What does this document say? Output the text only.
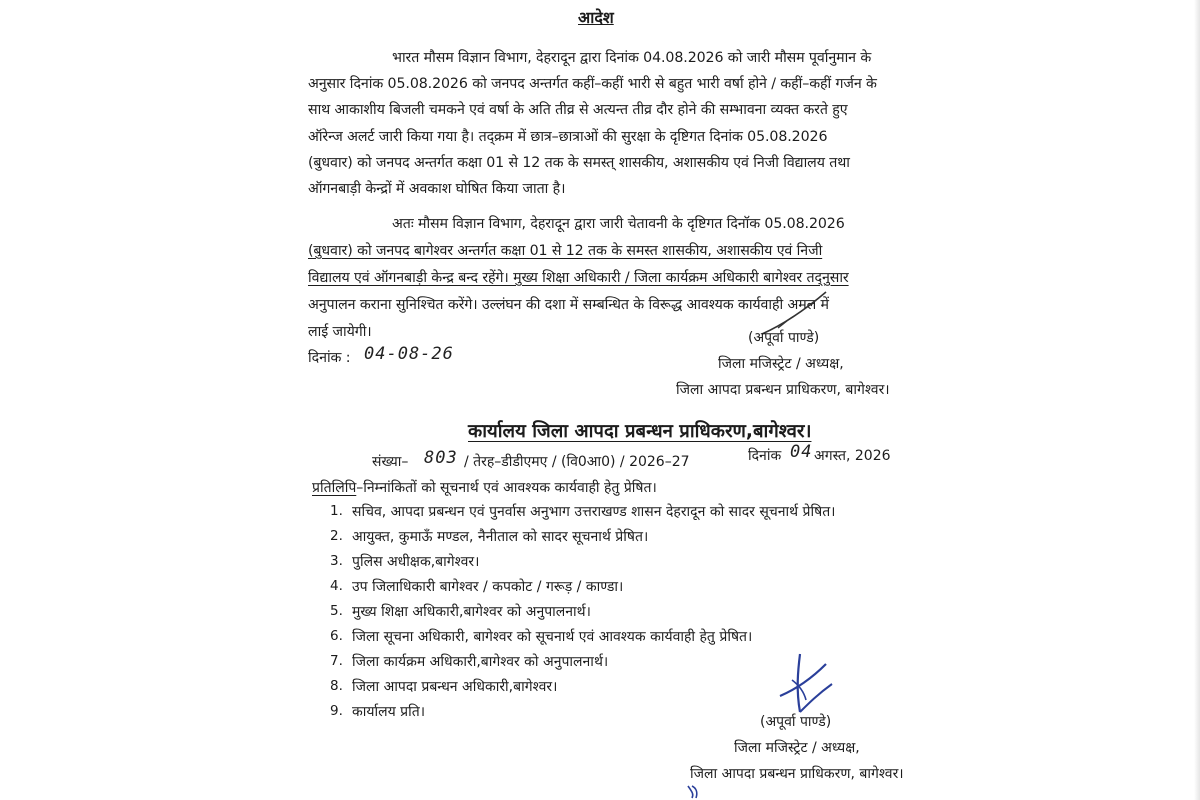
आदेश
भारत मौसम विज्ञान विभाग, देहरादून द्वारा दिनांक 04.08.2026 को जारी मौसम पूर्वानुमान के
अनुसार दिनांक 05.08.2026 को जनपद अन्तर्गत कहीं–कहीं भारी से बहुत भारी वर्षा होने / कहीं–कहीं गर्जन के
साथ आकाशीय बिजली चमकने एवं वर्षा के अति तीव्र से अत्यन्त तीव्र दौर होने की सम्भावना व्यक्त करते हुए
ऑरेन्ज अलर्ट जारी किया गया है। तद्क्रम में छात्र–छात्राओं की सुरक्षा के दृष्टिगत दिनांक 05.08.2026
(बुधवार) को जनपद अन्तर्गत कक्षा 01 से 12 तक के समस्त् शासकीय, अशासकीय एवं निजी विद्यालय तथा
ऑगनबाड़ी केन्द्रों में अवकाश घोषित किया जाता है।
अतः मौसम विज्ञान विभाग, देहरादून द्वारा जारी चेतावनी के दृष्टिगत दिनॉक 05.08.2026
(बुधवार) को जनपद बागेश्वर अन्तर्गत कक्षा 01 से 12 तक के समस्त शासकीय, अशासकीय एवं निजी
विद्यालय एवं ऑगनबाड़ी केन्द्र बन्द रहेंगे। मुख्य शिक्षा अधिकारी / जिला कार्यक्रम अधिकारी बागेश्वर तद्नुसार
अनुपालन कराना सुनिश्चित करेंगे। उल्लंघन की दशा में सम्बन्धित के विरूद्ध आवश्यक कार्यवाही अमल में
लाई जायेगी।
दिनांक : 04-08-26
(अपूर्वा पाण्डे)
जिला मजिस्ट्रेट / अध्यक्ष,
जिला आपदा प्रबन्धन प्राधिकरण, बागेश्वर।
कार्यालय जिला आपदा प्रबन्धन प्राधिकरण,बागेश्वर।
संख्या– 803 / तेरह–डीडीएमए / (वि0आ0) / 2026–27	दिनांक 04 अगस्त, 2026
प्रतिलिपि–निम्नांकितों को सूचनार्थ एवं आवश्यक कार्यवाही हेतु प्रेषित।
1. सचिव, आपदा प्रबन्धन एवं पुनर्वास अनुभाग उत्तराखण्ड शासन देहरादून को सादर सूचनार्थ प्रेषित।
2. आयुक्त, कुमाऊँ मण्डल, नैनीताल को सादर सूचनार्थ प्रेषित।
3. पुलिस अधीक्षक,बागेश्वर।
4. उप जिलाधिकारी बागेश्वर / कपकोट / गरूड़ / काण्डा।
5. मुख्य शिक्षा अधिकारी,बागेश्वर को अनुपालनार्थ।
6. जिला सूचना अधिकारी, बागेश्वर को सूचनार्थ एवं आवश्यक कार्यवाही हेतु प्रेषित।
7. जिला कार्यक्रम अधिकारी,बागेश्वर को अनुपालनार्थ।
8. जिला आपदा प्रबन्धन अधिकारी,बागेश्वर।
9. कार्यालय प्रति।
(अपूर्वा पाण्डे)
जिला मजिस्ट्रेट / अध्यक्ष,
जिला आपदा प्रबन्धन प्राधिकरण, बागेश्वर।
